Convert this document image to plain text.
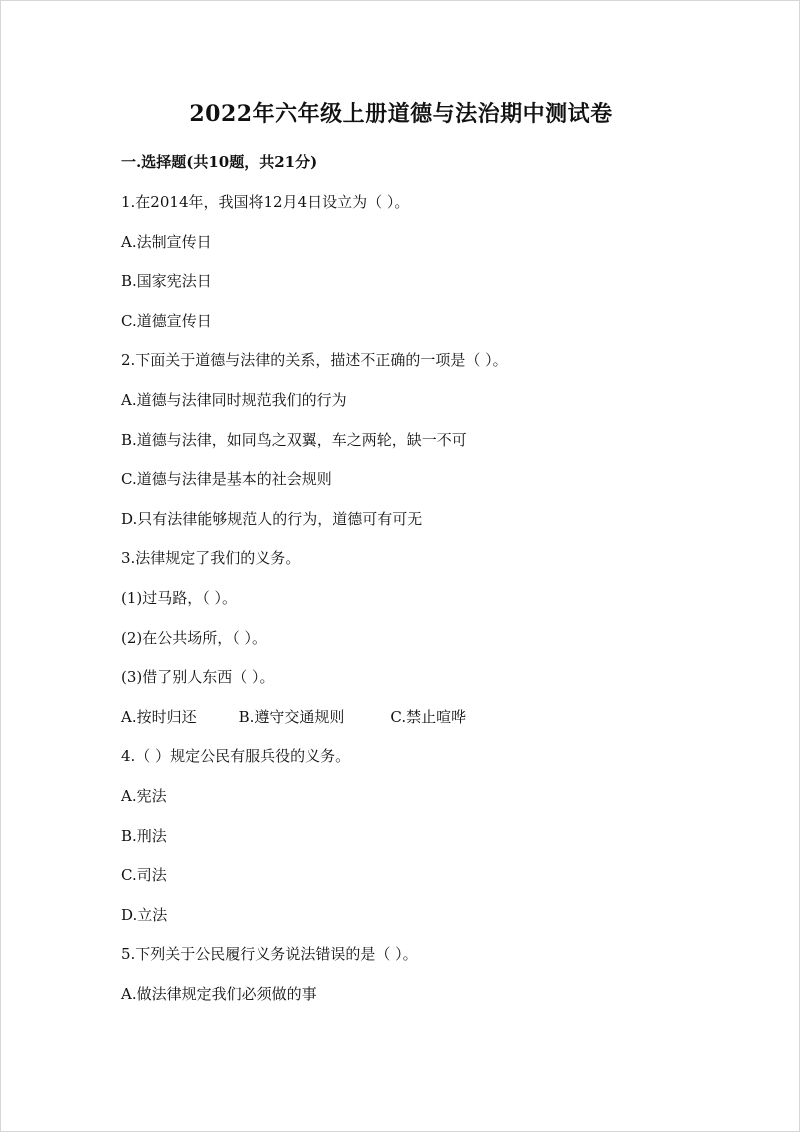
2022年六年级上册道德与法治期中测试卷
一.选择题(共10题，共21分)
1.在2014年，我国将12月4日设立为（ ）。
A.法制宣传日
B.国家宪法日
C.道德宣传日
2.下面关于道德与法律的关系，描述不正确的一项是（ ）。
A.道德与法律同时规范我们的行为
B.道德与法律，如同鸟之双翼，车之两轮，缺一不可
C.道德与法律是基本的社会规则
D.只有法律能够规范人的行为，道德可有可无
3.法律规定了我们的义务。
(1)过马路，（ ）。
(2)在公共场所，（ ）。
(3)借了别人东西（ ）。
A.按时归还	B.遵守交通规则	C.禁止喧哗
4.（ ）规定公民有服兵役的义务。
A.宪法
B.刑法
C.司法
D.立法
5.下列关于公民履行义务说法错误的是（ ）。
A.做法律规定我们必须做的事
